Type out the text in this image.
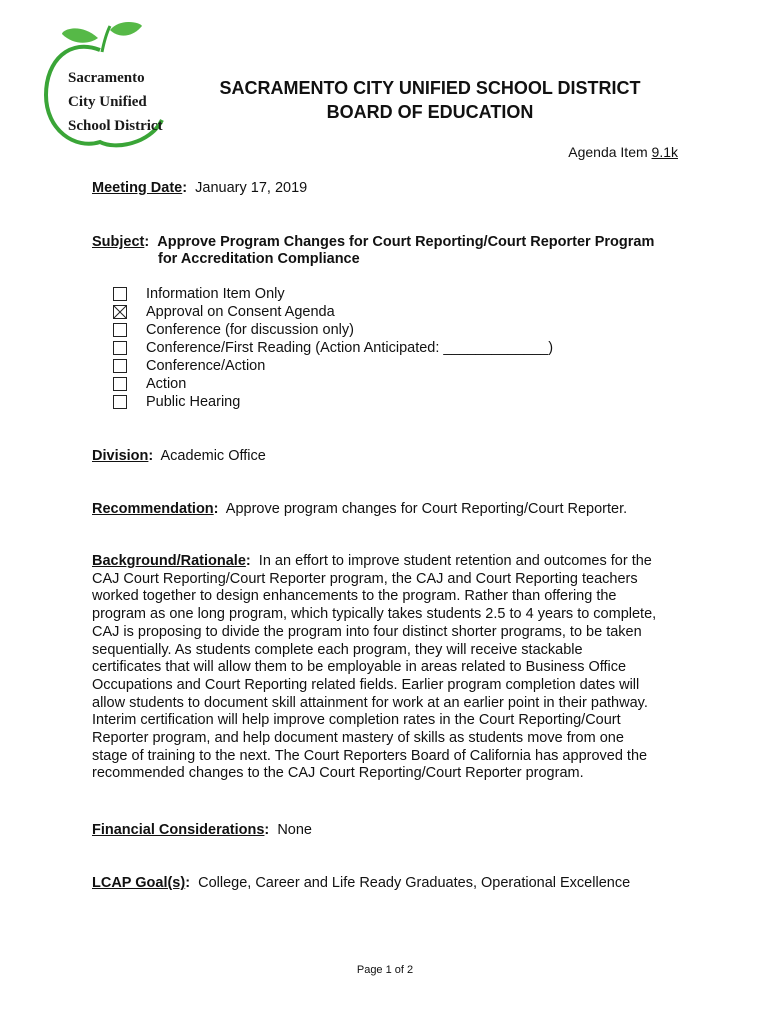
Sacramento
City Unified
School District
SACRAMENTO CITY UNIFIED SCHOOL DISTRICT
BOARD OF EDUCATION
Agenda Item 9.1k
Meeting Date: January 17, 2019
Subject: Approve Program Changes for Court Reporting/Court Reporter Program
for Accreditation Compliance
Information Item Only
Approval on Consent Agenda
Conference (for discussion only)
Conference/First Reading (Action Anticipated: _____________)
Conference/Action
Action
Public Hearing
Division: Academic Office
Recommendation: Approve program changes for Court Reporting/Court Reporter.
Background/Rationale: In an effort to improve student retention and outcomes for the
CAJ Court Reporting/Court Reporter program, the CAJ and Court Reporting teachers
worked together to design enhancements to the program. Rather than offering the
program as one long program, which typically takes students 2.5 to 4 years to complete,
CAJ is proposing to divide the program into four distinct shorter programs, to be taken
sequentially. As students complete each program, they will receive stackable
certificates that will allow them to be employable in areas related to Business Office
Occupations and Court Reporting related fields. Earlier program completion dates will
allow students to document skill attainment for work at an earlier point in their pathway.
Interim certification will help improve completion rates in the Court Reporting/Court
Reporter program, and help document mastery of skills as students move from one
stage of training to the next. The Court Reporters Board of California has approved the
recommended changes to the CAJ Court Reporting/Court Reporter program.
Financial Considerations: None
LCAP Goal(s): College, Career and Life Ready Graduates, Operational Excellence
Page 1 of 2
